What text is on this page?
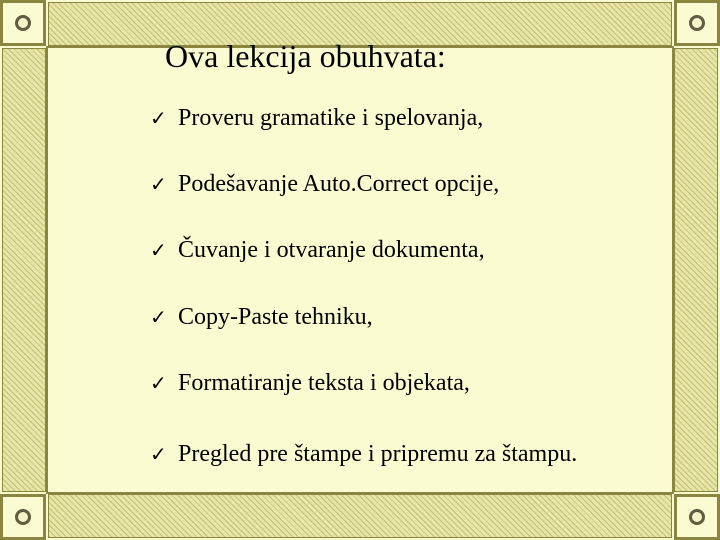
Ova lekcija obuhvata:
✓ Proveru gramatike i spelovanja,
✓ Podešavanje Auto.Correct opcije,
✓ Čuvanje i otvaranje dokumenta,
✓ Copy-Paste tehniku,
✓ Formatiranje teksta i objekata,
✓ Pregled pre štampe i pripremu za štampu.
